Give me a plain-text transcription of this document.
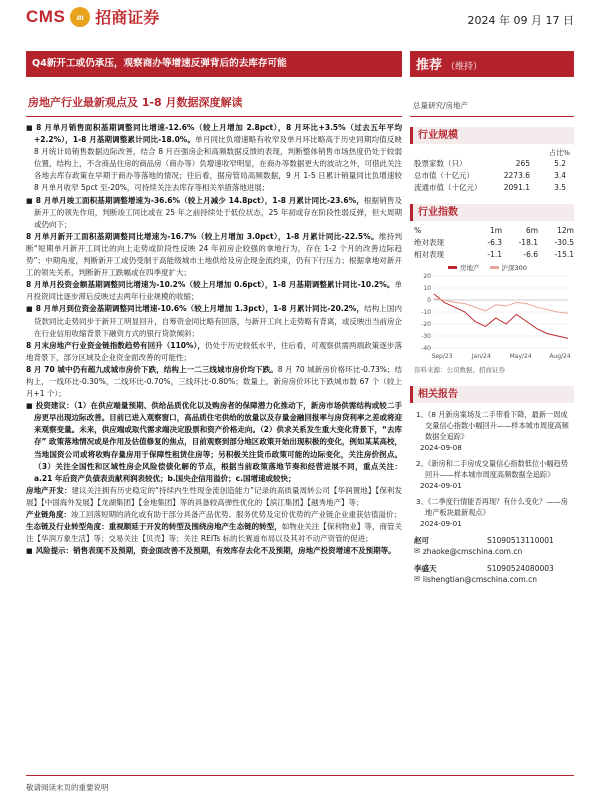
CMS	m 招商证券	2024 年 09 月 17 日
Q4新开工或仍承压，观察商办等增速反弹背后的去库存可能	推荐 （维持）
房地产行业最新观点及 1-8 月数据深度解读	总量研究/房地产

■ 8 月单月销售面积基期调整同比增速-12.6%（较上月增加 2.8pct），8 月环比+3.5%（过去五年平均+2.2%），1-8 月基期调整累计同比-18.0%。单月同比负增速略有收窄及单月环比略高于历史同期均值反映 8 月统计局销售数据边际改善，结合 8 月百强房企和高频数据反馈的表现，判断整体销售市场热度仍处于较弱位置，结构上，不含商品住房的商品房（商办等）负增速收窄明显，在商办等数据更大的波动之外，可借此关注各地去库存政策在早期于商办等落地的情况；往后看，据房管局高频数据，9 月 1-5 日累计销量同比负增速较 8 月单月收窄 5pct 至-20%，可持续关注去库存等相关举措落地进展；

■ 8 月单月竣工面积基期调整增速为-36.6%（较上月减少 14.8pct），1-8 月累计同比-23.6%，根据销售及新开工的领先作用，判断竣工同比或在 25 年之前持续处于低位状态，25 年初或存在阶段性弱反弹，但大周期或仍向下；

8 月单月新开工面积基期调整同比增速为-16.7%（较上月增加 3.0pct），1-8 月累计同比-22.5%。维持判断“短期单月新开工同比的向上走势或阶段性反映 24 年初房企较强的拿地行为，存在 1-2 个月的改善边际趋势”；中期角度，判断新开工或仍受制于高能级城市土地供给及房企现金流约束，仍有下行压力；根据拿地对新开工的领先关系，判断新开工跌幅或在四季度扩大；

8 月单月投资金额基期调整同比增速为-10.2%（较上月增加 0.6pct），1-8 月基期调整累计同比-10.2%。单月投资同比逐步滞后反映过去两年行业规模的收缩；

■ 8 月单月到位资金基期调整同比增速-10.6%（较上月增加 1.3pct），1-8 月累计同比-20.2%，结构上国内贷款同比走势同步于新开工明显回升，自筹资金同比略有回落，与新开工向上走势略有背离，或反映出当前房企在行业信用收缩背景下融资方式的银行贷款倾斜；

8 月末房地产行业资金链指数趋势有回升（110%），仍处于历史较低水平，往后看，可观察供需两端政策逐步落地背景下，部分区域及企业资金面改善的可能性；

8 月 70 城中仍有超九成城市房价下跌，结构上一二三线城市房价均下跌。8 月 70 城新房价格环比-0.73%；结构上，一线环比-0.30%，二线环比-0.70%，三线环比-0.80%；数量上，新房房价环比下跌城市数 67 个（较上月+1 个）；

■ 投资建议：（1）在供应端量预期、供给品质优化以及购房者的保障潜力化推动下，新房市场供需结构或较二手房更早出现边际改善。目前已进入观察窗口，高品质住宅供给的放量以及存量金融回报率与房贷利率之差或将迎来观察变量。未来，供应端或取代需求端决定股票和资产价格走向。（2）供求关系发生重大变化背景下，“去库存” 政策落地情况或是作用及估值修复的焦点，目前观察到部分地区政策开始出现积极的变化，例如某某高校，当地国资公司或将收购存量房用于保障性租赁住房等；另积极关注货币政策可能的边际变化，关注房价拐点。（3）关注全国性和区域性房企风险偿债化解的节点，根据当前政策落地节奏和经营进展不同，重点关注：a.21 年后资产负债表贡献利润表较优；b.国央企信用溢价；c.国增速或较快；

房地产开发：建议关注拥有历史稳定的“持续内生性现金流创造能力”记录的高质量周转公司【华润置地】【保利发展】【中国海外发展】【龙湖集团】【金地集团】等的具备较高弹性优化的【滨江集团】【越秀地产】等；

产业链角度：竣工回落短期的消化或有助于部分具备产品优势、服务优势及定价优势的产业链企业重获估值溢价；

生态链及行业转型角度：重视顺延于开发的转型及围绕房地产生态链的转型，如物业关注【保利物业】等，商管关注【华润万象生活】等；交易关注【贝壳】等；关注 REITs 标的长赛道布局以及其对不动产资管的促进；

■ 风险提示：销售表现不及预期，资金面改善不及预期，有效库存去化不及预期，房地产投资增速不及预期等。

行业规模
占比%
股票家数（只）	265	5.2
总市值（十亿元）	2273.6	3.4
流通市值（十亿元）	2091.1	3.5
行业指数
%	1m	6m	12m
绝对表现	-6.3	-18.1	-30.5
相对表现	-1.1	-6.6	-15.1
房地产	沪深300
20
10
0
-10
-20
-30
-40
Sep/23	Jan/24	May/24	Aug/24
资料来源：公司数据、招商证券
相关报告
1、《8 月新房案场及二手带看下降，最新一周成交量信心指数小幅回升——样本城市周度高频数据全追踪》
2024-09-08
2、《新房和二手房成交量信心指数低位小幅趋势回升——样本城市周度高频数据全追踪》
2024-09-01
3、《二季度行情能否再现？有什么变化？——房地产板块最新观点》
2024-09-01
赵可	S1090513110001
✉ zhaoke@cmschina.com.cn
李盛天	S1090524080003
✉ lishengtian@cmschina.com.cn
敬请阅读末页的重要说明
